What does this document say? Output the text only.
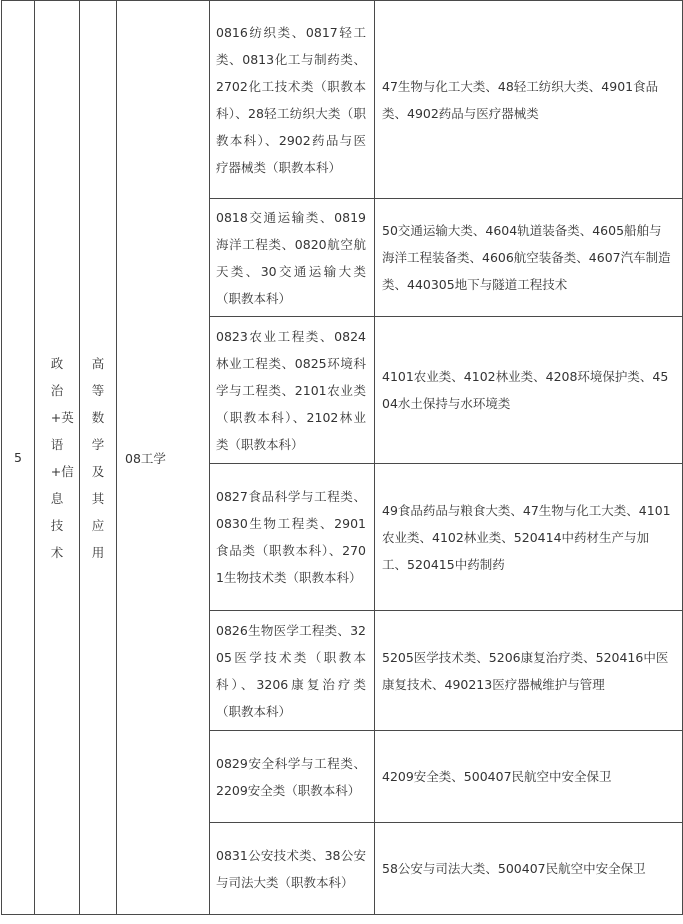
5	政治+英语+信息技术	高等数学及其应用	08工学	0816纺织类、0817轻工类、0813化工与制药类、2702化工技术类（职教本科）、28轻工纺织大类（职教本科）、2902药品与医疗器械类（职教本科）	47生物与化工大类、48轻工纺织大类、4901食品类、4902药品与医疗器械类
				0818交通运输类、0819海洋工程类、0820航空航天类、30交通运输大类（职教本科）	50交通运输大类、4604轨道装备类、4605船舶与海洋工程装备类、4606航空装备类、4607汽车制造类、440305地下与隧道工程技术
				0823农业工程类、0824林业工程类、0825环境科学与工程类、2101农业类（职教本科）、2102林业类（职教本科）	4101农业类、4102林业类、4208环境保护类、4504水土保持与水环境类
				0827食品科学与工程类、0830生物工程类、2901食品类（职教本科）、2701生物技术类（职教本科）	49食品药品与粮食大类、47生物与化工大类、4101农业类、4102林业类、520414中药材生产与加工、520415中药制药
				0826生物医学工程类、3205医学技术类（职教本科）、3206康复治疗类（职教本科）	5205医学技术类、5206康复治疗类、520416中医康复技术、490213医疗器械维护与管理
				0829安全科学与工程类、2209安全类（职教本科）	4209安全类、500407民航空中安全保卫
				0831公安技术类、38公安与司法大类（职教本科）	58公安与司法大类、500407民航空中安全保卫
